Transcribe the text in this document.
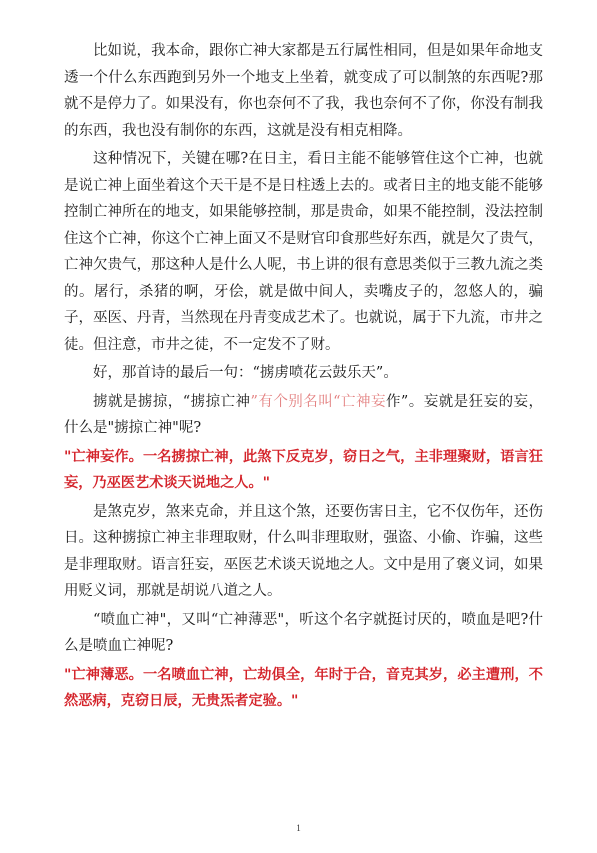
比如说，我本命，跟你亡神大家都是五行属性相同，但是如果年命地支透一个什么东西跑到另外一个地支上坐着，就变成了可以制煞的东西呢?那就不是停力了。如果没有，你也奈何不了我，我也奈何不了你，你没有制我的东西，我也没有制你的东西，这就是没有相克相降。

这种情况下，关键在哪?在日主，看日主能不能够管住这个亡神，也就是说亡神上面坐着这个天干是不是日柱透上去的。或者日主的地支能不能够控制亡神所在的地支，如果能够控制，那是贵命，如果不能控制，没法控制住这个亡神，你这个亡神上面又不是财官印食那些好东西，就是欠了贵气，亡神欠贵气，那这种人是什么人呢，书上讲的很有意思类似于三教九流之类的。屠行，杀猪的啊，牙侩，就是做中间人，卖嘴皮子的，忽悠人的，骗子，巫医、丹青，当然现在丹青变成艺术了。也就说，属于下九流，市井之徒。但注意，市井之徒，不一定发不了财。

好，那首诗的最后一句：“掳虏喷花云鼓乐天”。

掳就是掳掠，“掳掠亡神”有个别名叫“亡神妄作”。妄就是狂妄的妄，什么是"掳掠亡神"呢?

"亡神妄作。一名掳掠亡神，此煞下反克岁，窃日之气，主非理聚财，语言狂妄，乃巫医艺术谈天说地之人。"

是煞克岁，煞来克命，并且这个煞，还要伤害日主，它不仅伤年，还伤日。这种掳掠亡神主非理取财，什么叫非理取财，强盗、小偷、诈骗，这些是非理取财。语言狂妄，巫医艺术谈天说地之人。文中是用了褒义词，如果用贬义词，那就是胡说八道之人。

“喷血亡神"，又叫“亡神薄恶"，听这个名字就挺讨厌的，喷血是吧?什么是喷血亡神呢?

"亡神薄恶。一名喷血亡神，亡劫俱全，年时于合，音克其岁，必主遭刑，不然恶病，克窃日辰，无贵炁者定验。"

1
